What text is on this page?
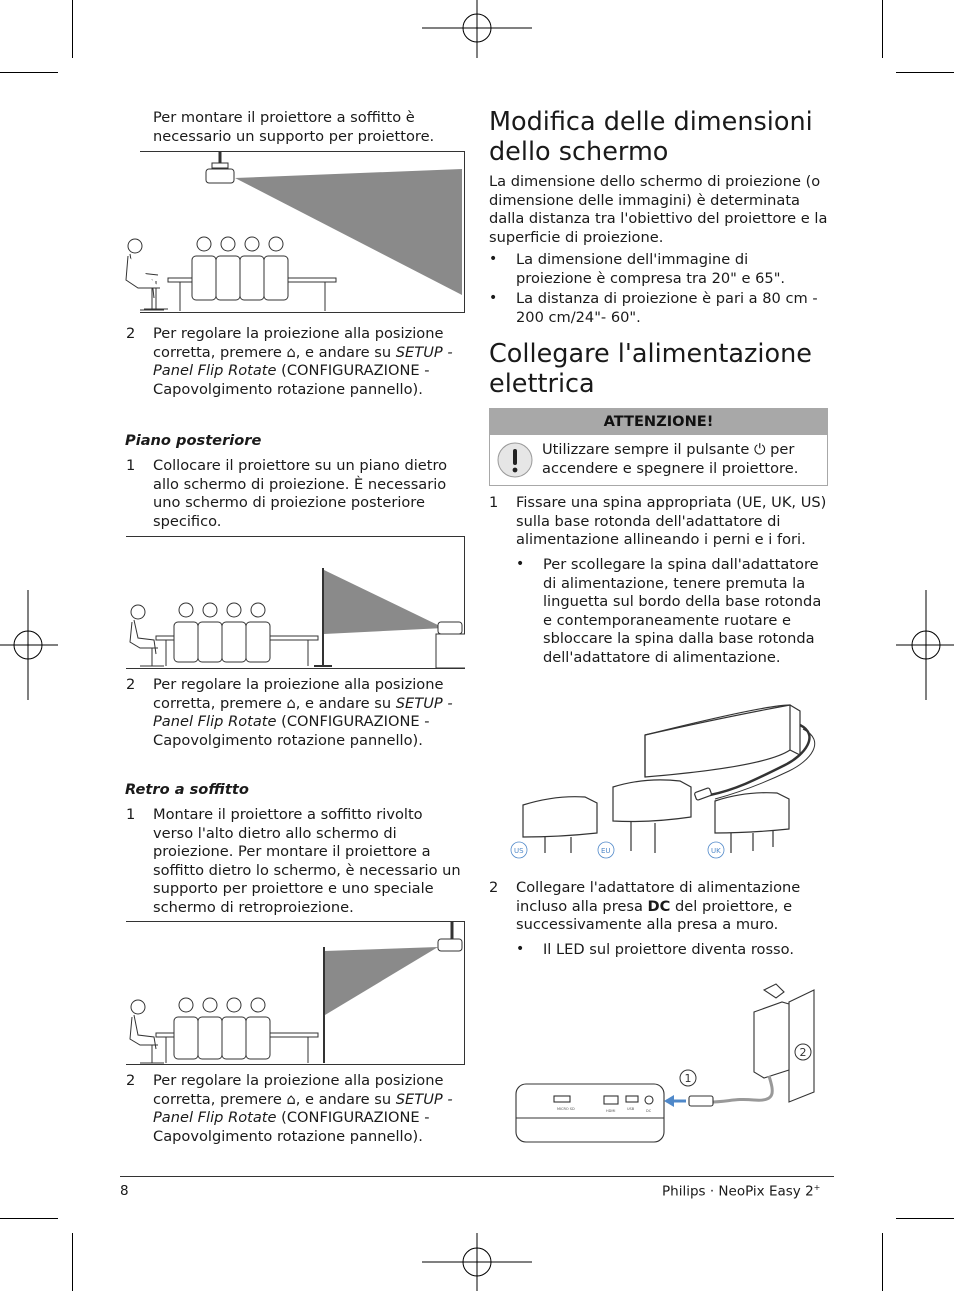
Per montare il proiettore a soffitto è necessario un supporto per proiettore.

2 Per regolare la proiezione alla posizione corretta, premere ⌂, e andare su SETUP - Panel Flip Rotate (CONFIGURAZIONE - Capovolgimento rotazione pannello).

Piano posteriore
1 Collocare il proiettore su un piano dietro allo schermo di proiezione. È necessario uno schermo di proiezione posteriore specifico.

2 Per regolare la proiezione alla posizione corretta, premere ⌂, e andare su SETUP - Panel Flip Rotate (CONFIGURAZIONE - Capovolgimento rotazione pannello).

Retro a soffitto
1 Montare il proiettore a soffitto rivolto verso l'alto dietro allo schermo di proiezione. Per montare il proiettore a soffitto dietro lo schermo, è necessario un supporto per proiettore e uno speciale schermo di retroproiezione.

2 Per regolare la proiezione alla posizione corretta, premere ⌂, e andare su SETUP - Panel Flip Rotate (CONFIGURAZIONE - Capovolgimento rotazione pannello).

Modifica delle dimensioni dello schermo

La dimensione dello schermo di proiezione (o dimensione delle immagini) è determinata dalla distanza tra l'obiettivo del proiettore e la superficie di proiezione.

• La dimensione dell'immagine di proiezione è compresa tra 20" e 65".

• La distanza di proiezione è pari a 80 cm - 200 cm/24"- 60".

Collegare l'alimentazione elettrica
ATTENZIONE!

Utilizzare sempre il pulsante ⏻ per accendere e spegnere il proiettore.

1 Fissare una spina appropriata (UE, UK, US) sulla base rotonda dell'adattatore di alimentazione allineando i perni e i fori.

• Per scollegare la spina dall'adattatore di alimentazione, tenere premuta la linguetta sul bordo della base rotonda e contemporaneamente ruotare e sbloccare la spina dalla base rotonda dell'adattatore di alimentazione.

US	EU	UK
2 Collegare l'adattatore di alimentazione incluso alla presa DC del proiettore, e successivamente alla presa a muro.

• Il LED sul proiettore diventa rosso.

1
2
MICRO SD	HDMI	USB	DC
8	Philips · NeoPix Easy 2+
